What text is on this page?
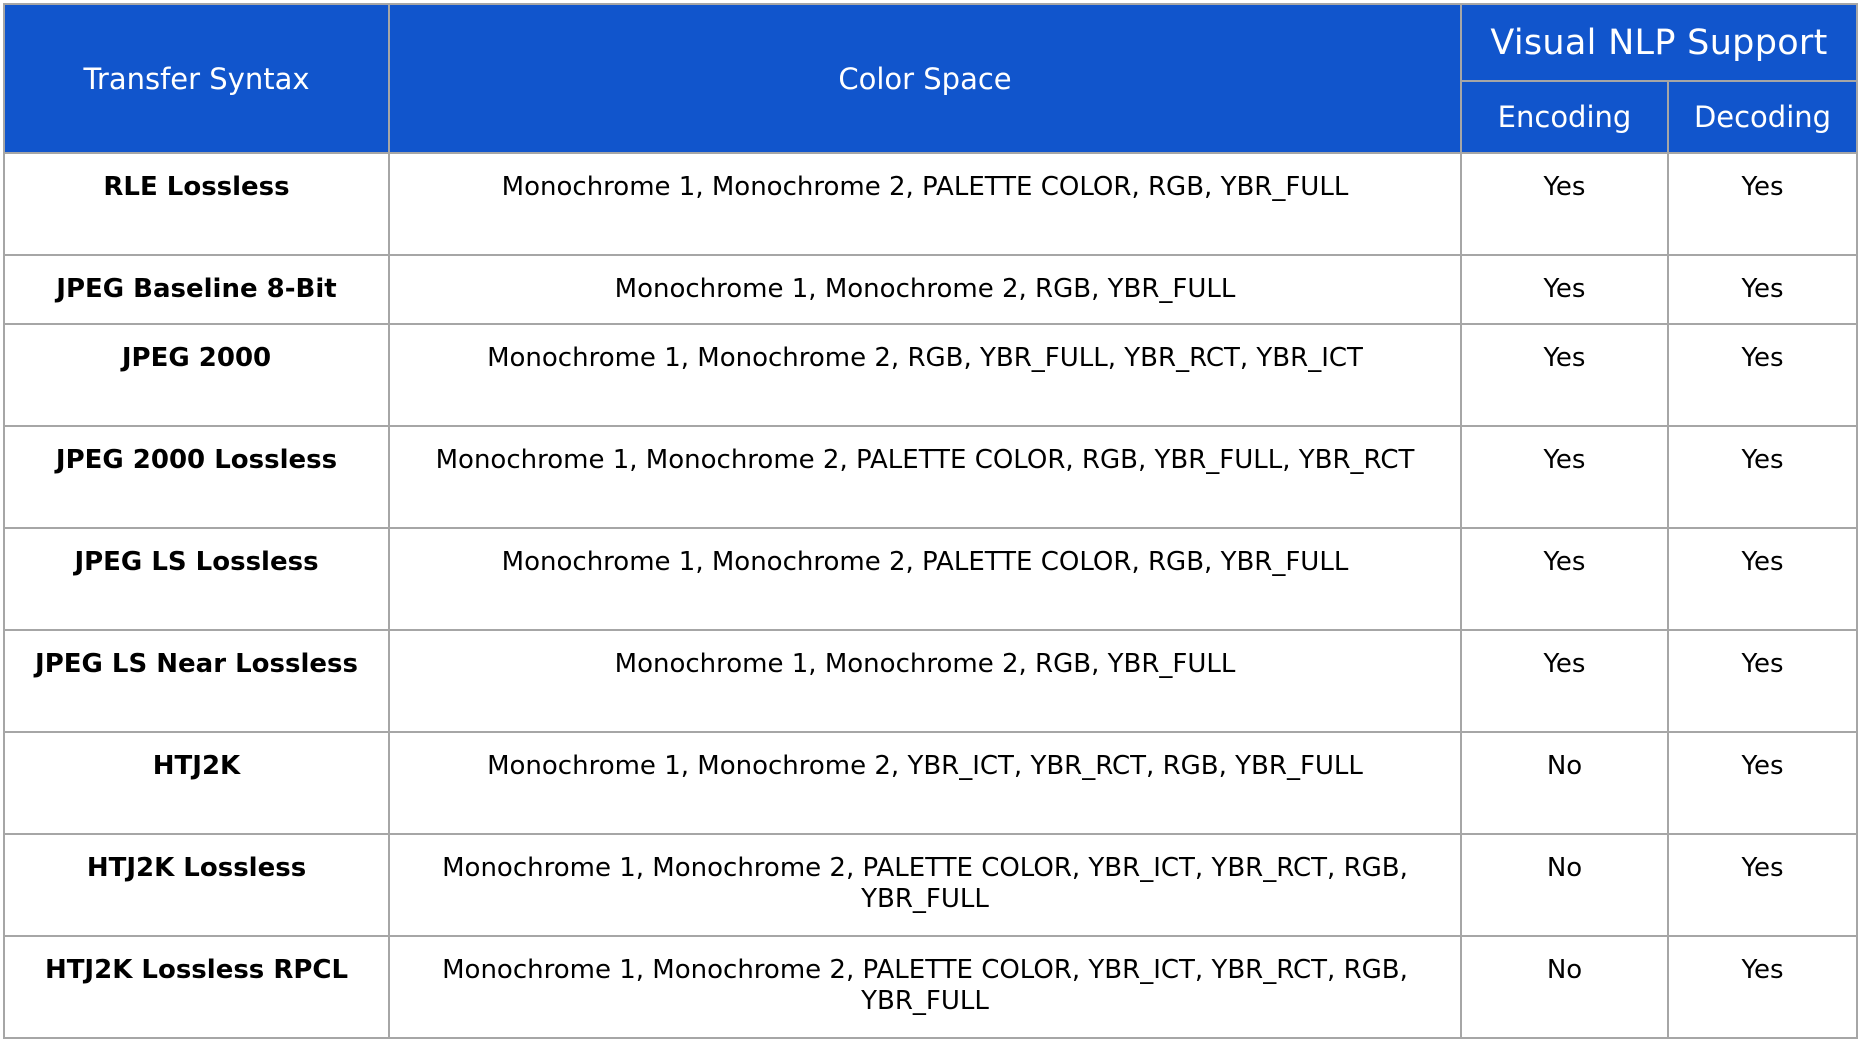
Transfer Syntax	Color Space	Visual NLP Support	
		Encoding	Decoding
RLE Lossless	Monochrome 1, Monochrome 2, PALETTE COLOR, RGB, YBR_FULL	Yes	Yes
JPEG Baseline 8-Bit	Monochrome 1, Monochrome 2, RGB, YBR_FULL	Yes	Yes
JPEG 2000	Monochrome 1, Monochrome 2, RGB, YBR_FULL, YBR_RCT, YBR_ICT	Yes	Yes
JPEG 2000 Lossless	Monochrome 1, Monochrome 2, PALETTE COLOR, RGB, YBR_FULL, YBR_RCT	Yes	Yes
JPEG LS Lossless	Monochrome 1, Monochrome 2, PALETTE COLOR, RGB, YBR_FULL	Yes	Yes
JPEG LS Near Lossless	Monochrome 1, Monochrome 2, RGB, YBR_FULL	Yes	Yes
HTJ2K	Monochrome 1, Monochrome 2, YBR_ICT, YBR_RCT, RGB, YBR_FULL	No	Yes
HTJ2K Lossless	Monochrome 1, Monochrome 2, PALETTE COLOR, YBR_ICT, YBR_RCT, RGB, YBR_FULL	No	Yes
HTJ2K Lossless RPCL	Monochrome 1, Monochrome 2, PALETTE COLOR, YBR_ICT, YBR_RCT, RGB, YBR_FULL	No	Yes
